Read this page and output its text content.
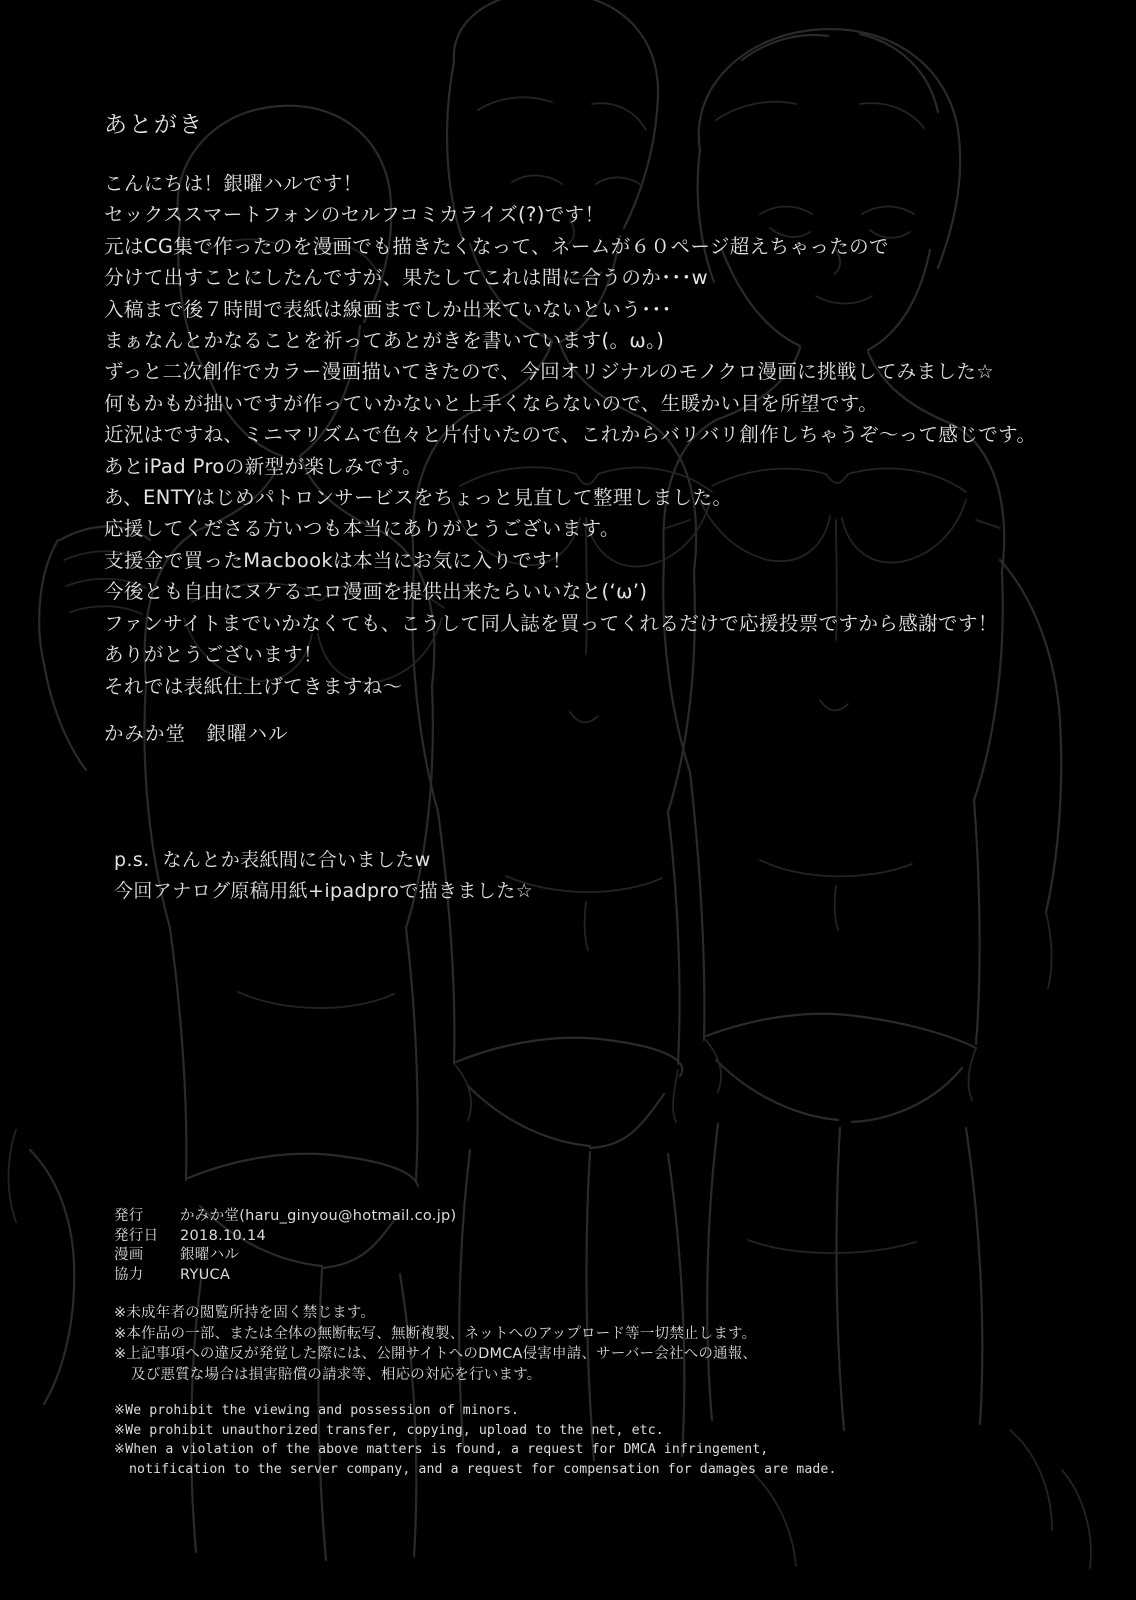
あとがき
こんにちは！銀曜ハルです！
セックススマートフォンのセルフコミカライズ(?)です！
元はCG集で作ったのを漫画でも描きたくなって、ネームが６０ページ超えちゃったので
分けて出すことにしたんですが、果たしてこれは間に合うのか･･･w
入稿まで後７時間で表紙は線画までしか出来ていないという･･･
まぁなんとかなることを祈ってあとがきを書いています(。ω。)
ずっと二次創作でカラー漫画描いてきたので、今回オリジナルのモノクロ漫画に挑戦してみました☆
何もかもが拙いですが作っていかないと上手くならないので、生暖かい目を所望です。
近況はですね、ミニマリズムで色々と片付いたので、これからバリバリ創作しちゃうぞ～って感じです。
あとiPad Proの新型が楽しみです。
あ、ENTYはじめパトロンサービスをちょっと見直して整理しました。
応援してくださる方いつも本当にありがとうございます。
支援金で買ったMacbookは本当にお気に入りです！
今後とも自由にヌケるエロ漫画を提供出来たらいいなと(‘ω’)
ファンサイトまでいかなくても、こうして同人誌を買ってくれるだけで応援投票ですから感謝です！
ありがとうございます！
それでは表紙仕上げてきますね～
かみか堂　銀曜ハル
p.s.  なんとか表紙間に合いましたw
今回アナログ原稿用紙+ipadproで描きました☆
発行	かみか堂(haru_ginyou@hotmail.co.jp)
発行日 2018.10.14
漫画	銀曜ハル
協力	RYUCA
※未成年者の閲覧所持を固く禁じます。
※本作品の一部、または全体の無断転写、無断複製、ネットへのアップロード等一切禁止します。
※上記事項への違反が発覚した際には、公開サイトへのDMCA侵害申請、サーバー会社への通報、
及び悪質な場合は損害賠償の請求等、相応の対応を行います。
※We prohibit the viewing and possession of minors.
※We prohibit unauthorized transfer, copying, upload to the net, etc.
※When a violation of the above matters is found, a request for DMCA infringement,
notification to the server company, and a request for compensation for damages are made.
